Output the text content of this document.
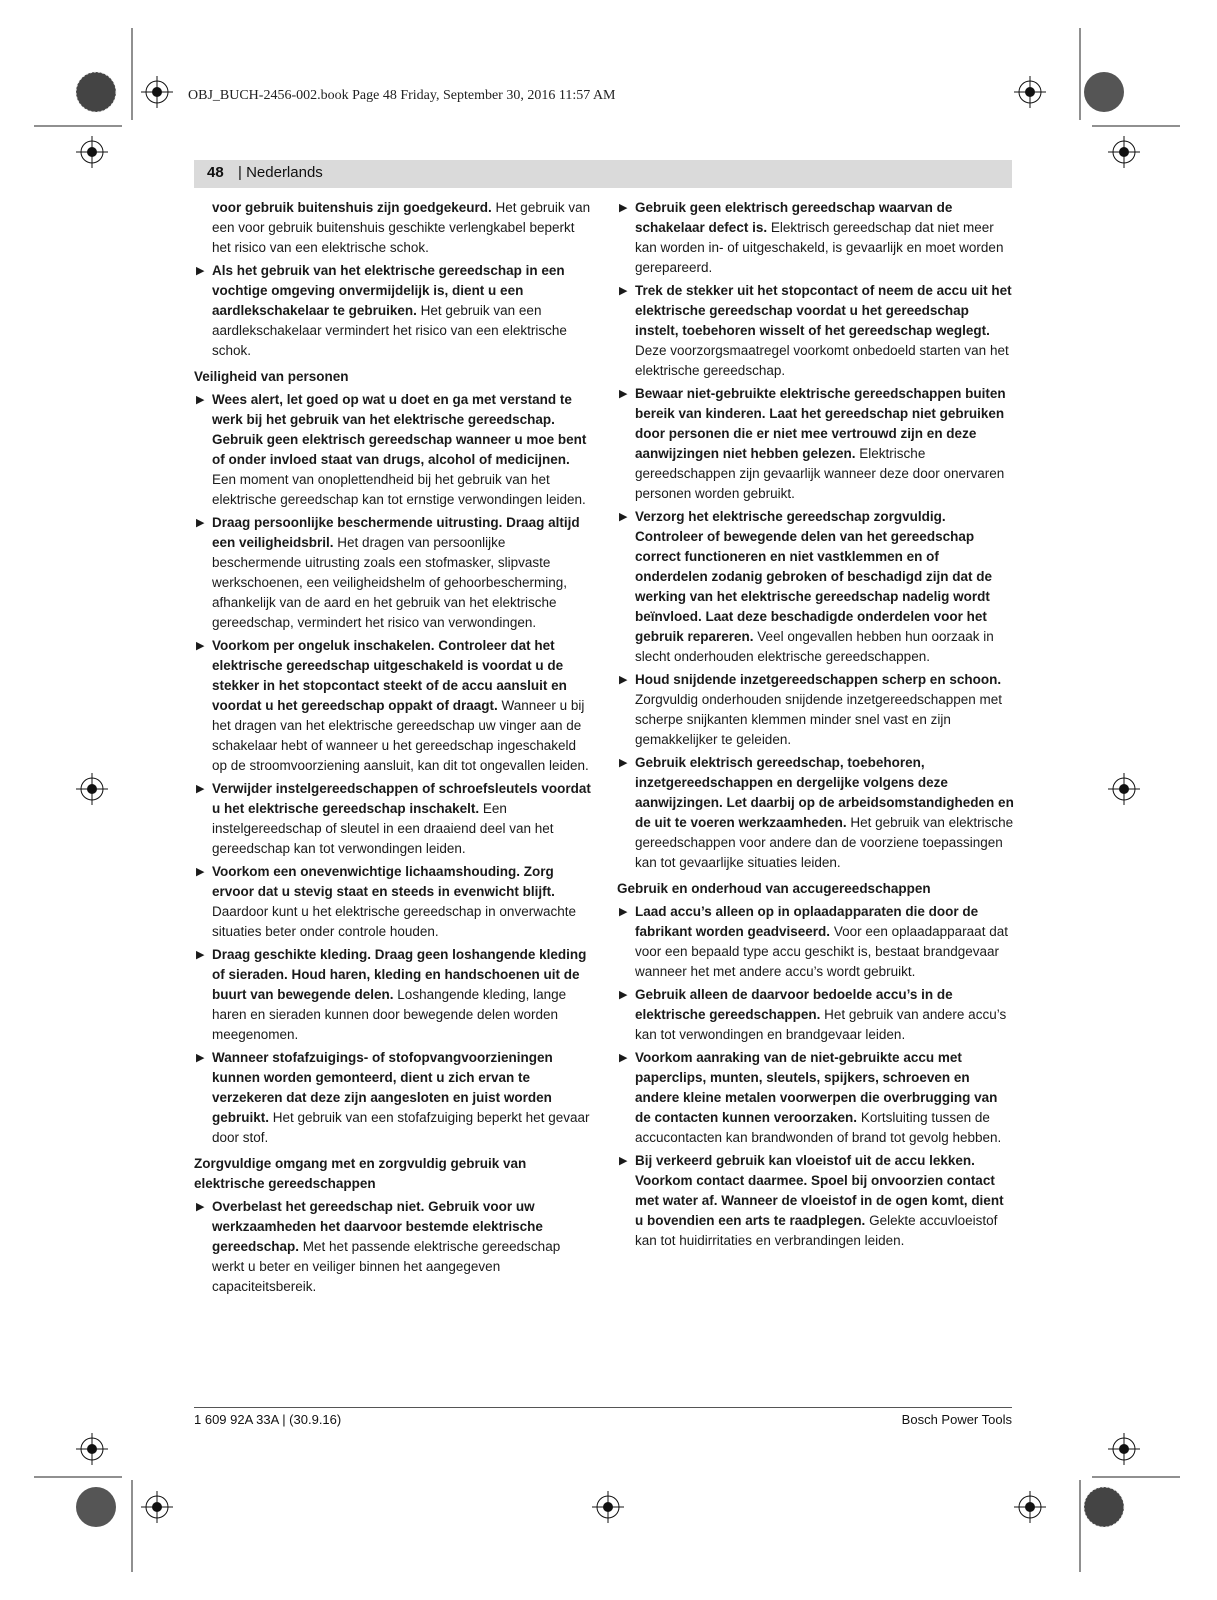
OBJ_BUCH-2456-002.book Page 48 Friday, September 30, 2016 11:57 AM
48
|	Nederlands
voor gebruik buitenshuis zijn goedgekeurd. Het gebruik van een voor gebruik buitenshuis geschikte verlengkabel beperkt het risico van een elektrische schok.
▶ Als het gebruik van het elektrische gereedschap in een vochtige omgeving onvermijdelijk is, dient u een aardlekschakelaar te gebruiken. Het gebruik van een aardlekschakelaar vermindert het risico van een elektrische schok.
Veiligheid van personen
▶ Wees alert, let goed op wat u doet en ga met verstand te werk bij het gebruik van het elektrische gereedschap. Gebruik geen elektrisch gereedschap wanneer u moe bent of onder invloed staat van drugs, alcohol of medicijnen. Een moment van onoplettendheid bij het gebruik van het elektrische gereedschap kan tot ernstige verwondingen leiden.
▶ Draag persoonlijke beschermende uitrusting. Draag altijd een veiligheidsbril. Het dragen van persoonlijke beschermende uitrusting zoals een stofmasker, slipvaste werkschoenen, een veiligheidshelm of gehoorbescherming, afhankelijk van de aard en het gebruik van het elektrische gereedschap, vermindert het risico van verwondingen.
▶ Voorkom per ongeluk inschakelen. Controleer dat het elektrische gereedschap uitgeschakeld is voordat u de stekker in het stopcontact steekt of de accu aansluit en voordat u het gereedschap oppakt of draagt. Wanneer u bij het dragen van het elektrische gereedschap uw vinger aan de schakelaar hebt of wanneer u het gereedschap ingeschakeld op de stroomvoorziening aansluit, kan dit tot ongevallen leiden.
▶ Verwijder instelgereedschappen of schroefsleutels voordat u het elektrische gereedschap inschakelt. Een instelgereedschap of sleutel in een draaiend deel van het gereedschap kan tot verwondingen leiden.
▶ Voorkom een onevenwichtige lichaamshouding. Zorg ervoor dat u stevig staat en steeds in evenwicht blijft. Daardoor kunt u het elektrische gereedschap in onverwachte situaties beter onder controle houden.
▶ Draag geschikte kleding. Draag geen loshangende kleding of sieraden. Houd haren, kleding en handschoenen uit de buurt van bewegende delen. Loshangende kleding, lange haren en sieraden kunnen door bewegende delen worden meegenomen.
▶ Wanneer stofafzuigings- of stofopvangvoorzieningen kunnen worden gemonteerd, dient u zich ervan te verzekeren dat deze zijn aangesloten en juist worden gebruikt. Het gebruik van een stofafzuiging beperkt het gevaar door stof.
Zorgvuldige omgang met en zorgvuldig gebruik van elektrische gereedschappen
▶ Overbelast het gereedschap niet. Gebruik voor uw werkzaamheden het daarvoor bestemde elektrische gereedschap. Met het passende elektrische gereedschap werkt u beter en veiliger binnen het aangegeven capaciteitsbereik.
▶ Gebruik geen elektrisch gereedschap waarvan de schakelaar defect is. Elektrisch gereedschap dat niet meer kan worden in- of uitgeschakeld, is gevaarlijk en moet worden gerepareerd.
▶ Trek de stekker uit het stopcontact of neem de accu uit het elektrische gereedschap voordat u het gereedschap instelt, toebehoren wisselt of het gereedschap weglegt. Deze voorzorgsmaatregel voorkomt onbedoeld starten van het elektrische gereedschap.
▶ Bewaar niet-gebruikte elektrische gereedschappen buiten bereik van kinderen. Laat het gereedschap niet gebruiken door personen die er niet mee vertrouwd zijn en deze aanwijzingen niet hebben gelezen. Elektrische gereedschappen zijn gevaarlijk wanneer deze door onervaren personen worden gebruikt.
▶ Verzorg het elektrische gereedschap zorgvuldig. Controleer of bewegende delen van het gereedschap correct functioneren en niet vastklemmen en of onderdelen zodanig gebroken of beschadigd zijn dat de werking van het elektrische gereedschap nadelig wordt beïnvloed. Laat deze beschadigde onderdelen voor het gebruik repareren. Veel ongevallen hebben hun oorzaak in slecht onderhouden elektrische gereedschappen.
▶ Houd snijdende inzetgereedschappen scherp en schoon. Zorgvuldig onderhouden snijdende inzetgereedschappen met scherpe snijkanten klemmen minder snel vast en zijn gemakkelijker te geleiden.
▶ Gebruik elektrisch gereedschap, toebehoren, inzetgereedschappen en dergelijke volgens deze aanwijzingen. Let daarbij op de arbeidsomstandigheden en de uit te voeren werkzaamheden. Het gebruik van elektrische gereedschappen voor andere dan de voorziene toepassingen kan tot gevaarlijke situaties leiden.
Gebruik en onderhoud van accugereedschappen
▶ Laad accu’s alleen op in oplaadapparaten die door de fabrikant worden geadviseerd. Voor een oplaadapparaat dat voor een bepaald type accu geschikt is, bestaat brandgevaar wanneer het met andere accu’s wordt gebruikt.
▶ Gebruik alleen de daarvoor bedoelde accu’s in de elektrische gereedschappen. Het gebruik van andere accu’s kan tot verwondingen en brandgevaar leiden.
▶ Voorkom aanraking van de niet-gebruikte accu met paperclips, munten, sleutels, spijkers, schroeven en andere kleine metalen voorwerpen die overbrugging van de contacten kunnen veroorzaken. Kortsluiting tussen de accucontacten kan brandwonden of brand tot gevolg hebben.
▶ Bij verkeerd gebruik kan vloeistof uit de accu lekken. Voorkom contact daarmee. Spoel bij onvoorzien contact met water af. Wanneer de vloeistof in de ogen komt, dient u bovendien een arts te raadplegen. Gelekte accuvloeistof kan tot huidirritaties en verbrandingen leiden.
1 609 92A 33A | (30.9.16)	Bosch Power Tools
